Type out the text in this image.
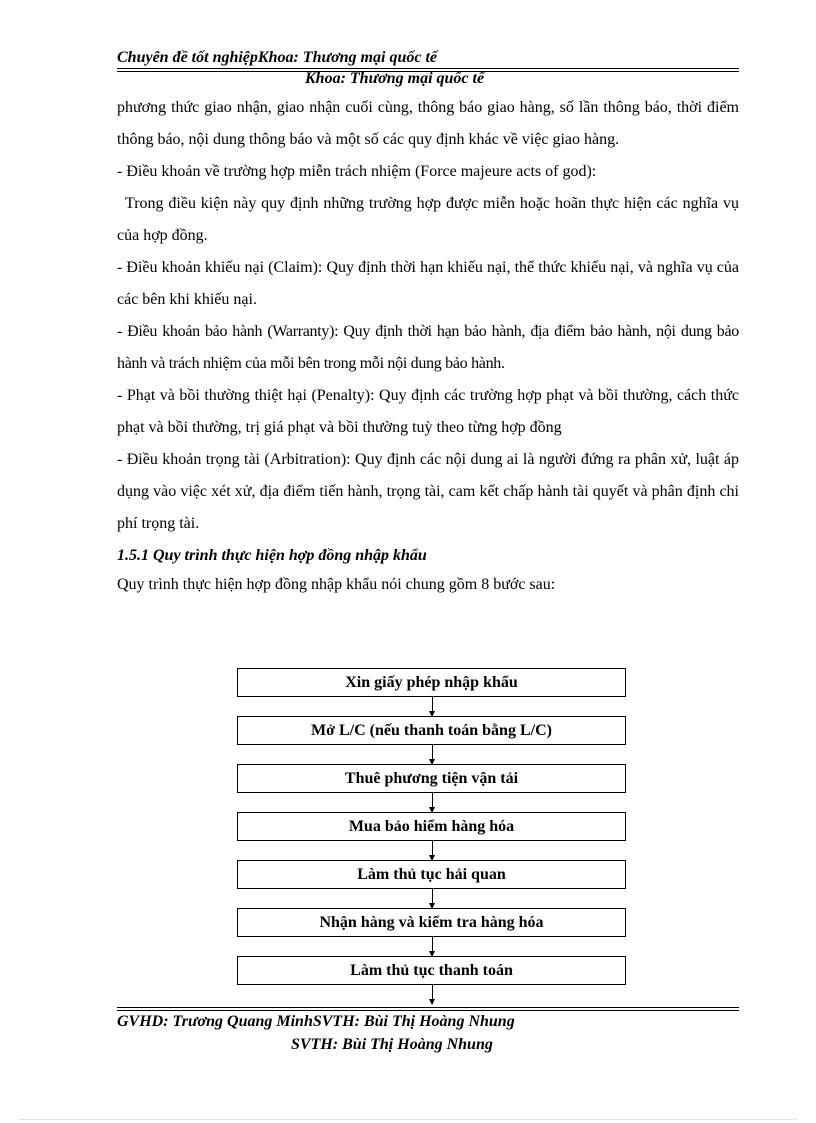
Chuyên đề tốt nghiệpKhoa: Thương mại quốc tế
Khoa: Thương mại quốc tế

phương thức giao nhận, giao nhận cuối cùng, thông báo giao hàng, số lần thông báo, thời điểm thông báo, nội dung thông báo và một số các quy định khác về việc giao hàng.

- Điều khoản về trường hợp miễn trách nhiệm (Force majeure acts of god):

Trong điều kiện này quy định những trường hợp được miễn hoặc hoãn thực hiện các nghĩa vụ của hợp đồng.

- Điều khoản khiếu nại (Claim): Quy định thời hạn khiếu nại, thể thức khiếu nại, và nghĩa vụ của các bên khi khiếu nại.

- Điều khoản bảo hành (Warranty): Quy định thời hạn bảo hành, địa điểm bảo hành, nội dung bảo hành và trách nhiệm của mỗi bên trong mỗi nội dung bảo hành.

- Phạt và bồi thường thiệt hại (Penalty): Quy định các trường hợp phạt và bồi thường, cách thức phạt và bồi thường, trị giá phạt và bồi thường tuỳ theo từng hợp đồng

- Điều khoản trọng tài (Arbitration): Quy định các nội dung ai là người đứng ra phân xử, luật áp dụng vào việc xét xử, địa điểm tiến hành, trọng tài, cam kết chấp hành tài quyết và phân định chi phí trọng tài.

1.5.1 Quy trình thực hiện hợp đồng nhập khẩu

Quy trình thực hiện hợp đồng nhập khẩu nói chung gồm 8 bước sau:

Xin giấy phép nhập khẩu
Mở L/C (nếu thanh toán bằng L/C)
Thuê phương tiện vận tải
Mua bảo hiểm hàng hóa
Làm thủ tục hải quan
Nhận hàng và kiểm tra hàng hóa
Làm thủ tục thanh toán
GVHD: Trương Quang MinhSVTH: Bùi Thị Hoàng Nhung
SVTH: Bùi Thị Hoàng Nhung
